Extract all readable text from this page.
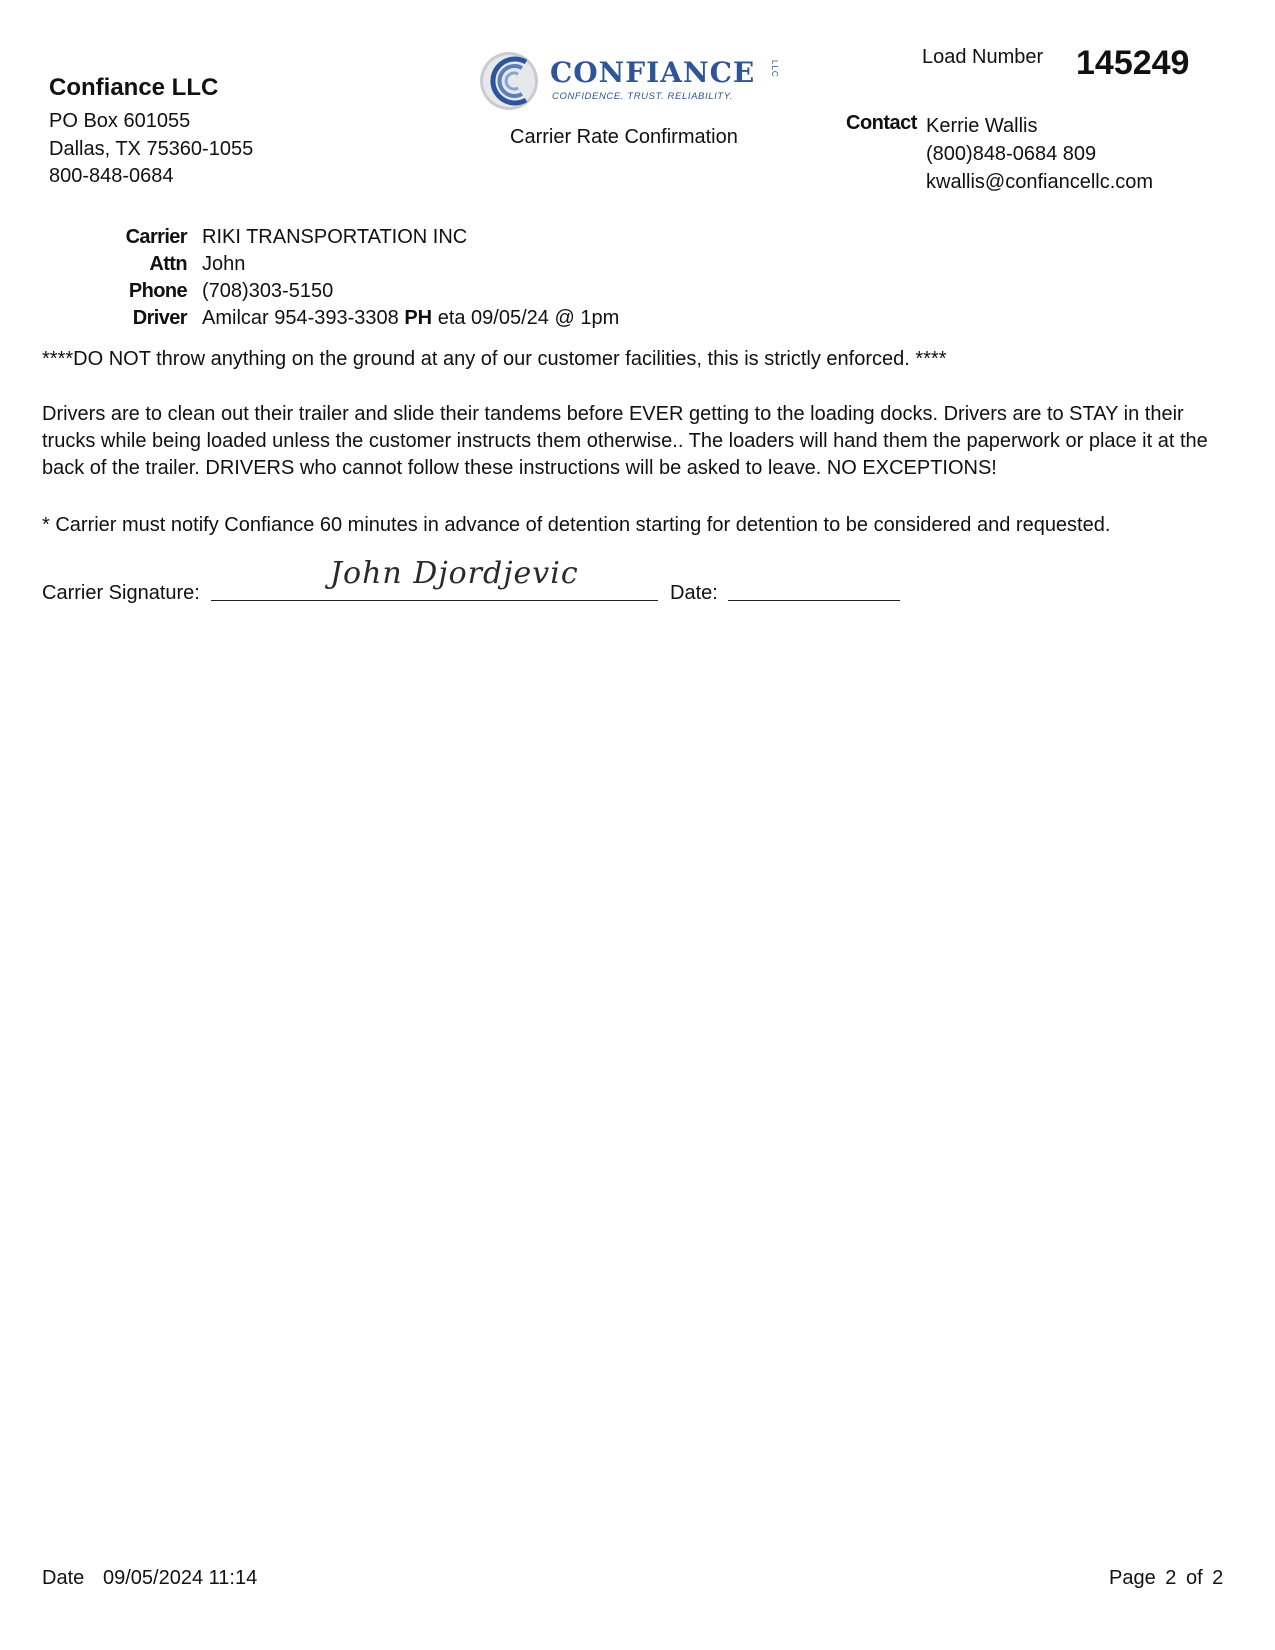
Confiance LLC
PO Box 601055
Dallas, TX 75360-1055
800-848-0684
CONFIANCE LLC
CONFIDENCE. TRUST. RELIABILITY.
Carrier Rate Confirmation
Load Number 145249
Contact Kerrie Wallis
(800)848-0684 809
kwallis@confiancellc.com
Carrier RIKI TRANSPORTATION INC
Attn John
Phone (708)303-5150
Driver Amilcar 954-393-3308 PH eta 09/05/24 @ 1pm
****DO NOT throw anything on the ground at any of our customer facilities, this is strictly enforced. ****
Drivers are to clean out their trailer and slide their tandems before EVER getting to the loading docks. Drivers are to STAY in their trucks while being loaded unless the customer instructs them otherwise.. The loaders will hand them the paperwork or place it at the back of the trailer. DRIVERS who cannot follow these instructions will be asked to leave. NO EXCEPTIONS!
* Carrier must notify Confiance 60 minutes in advance of detention starting for detention to be considered and requested.
Carrier Signature:
John Djordjevic
Date:
Date 09/05/2024 11:14	Page 2 of 2
